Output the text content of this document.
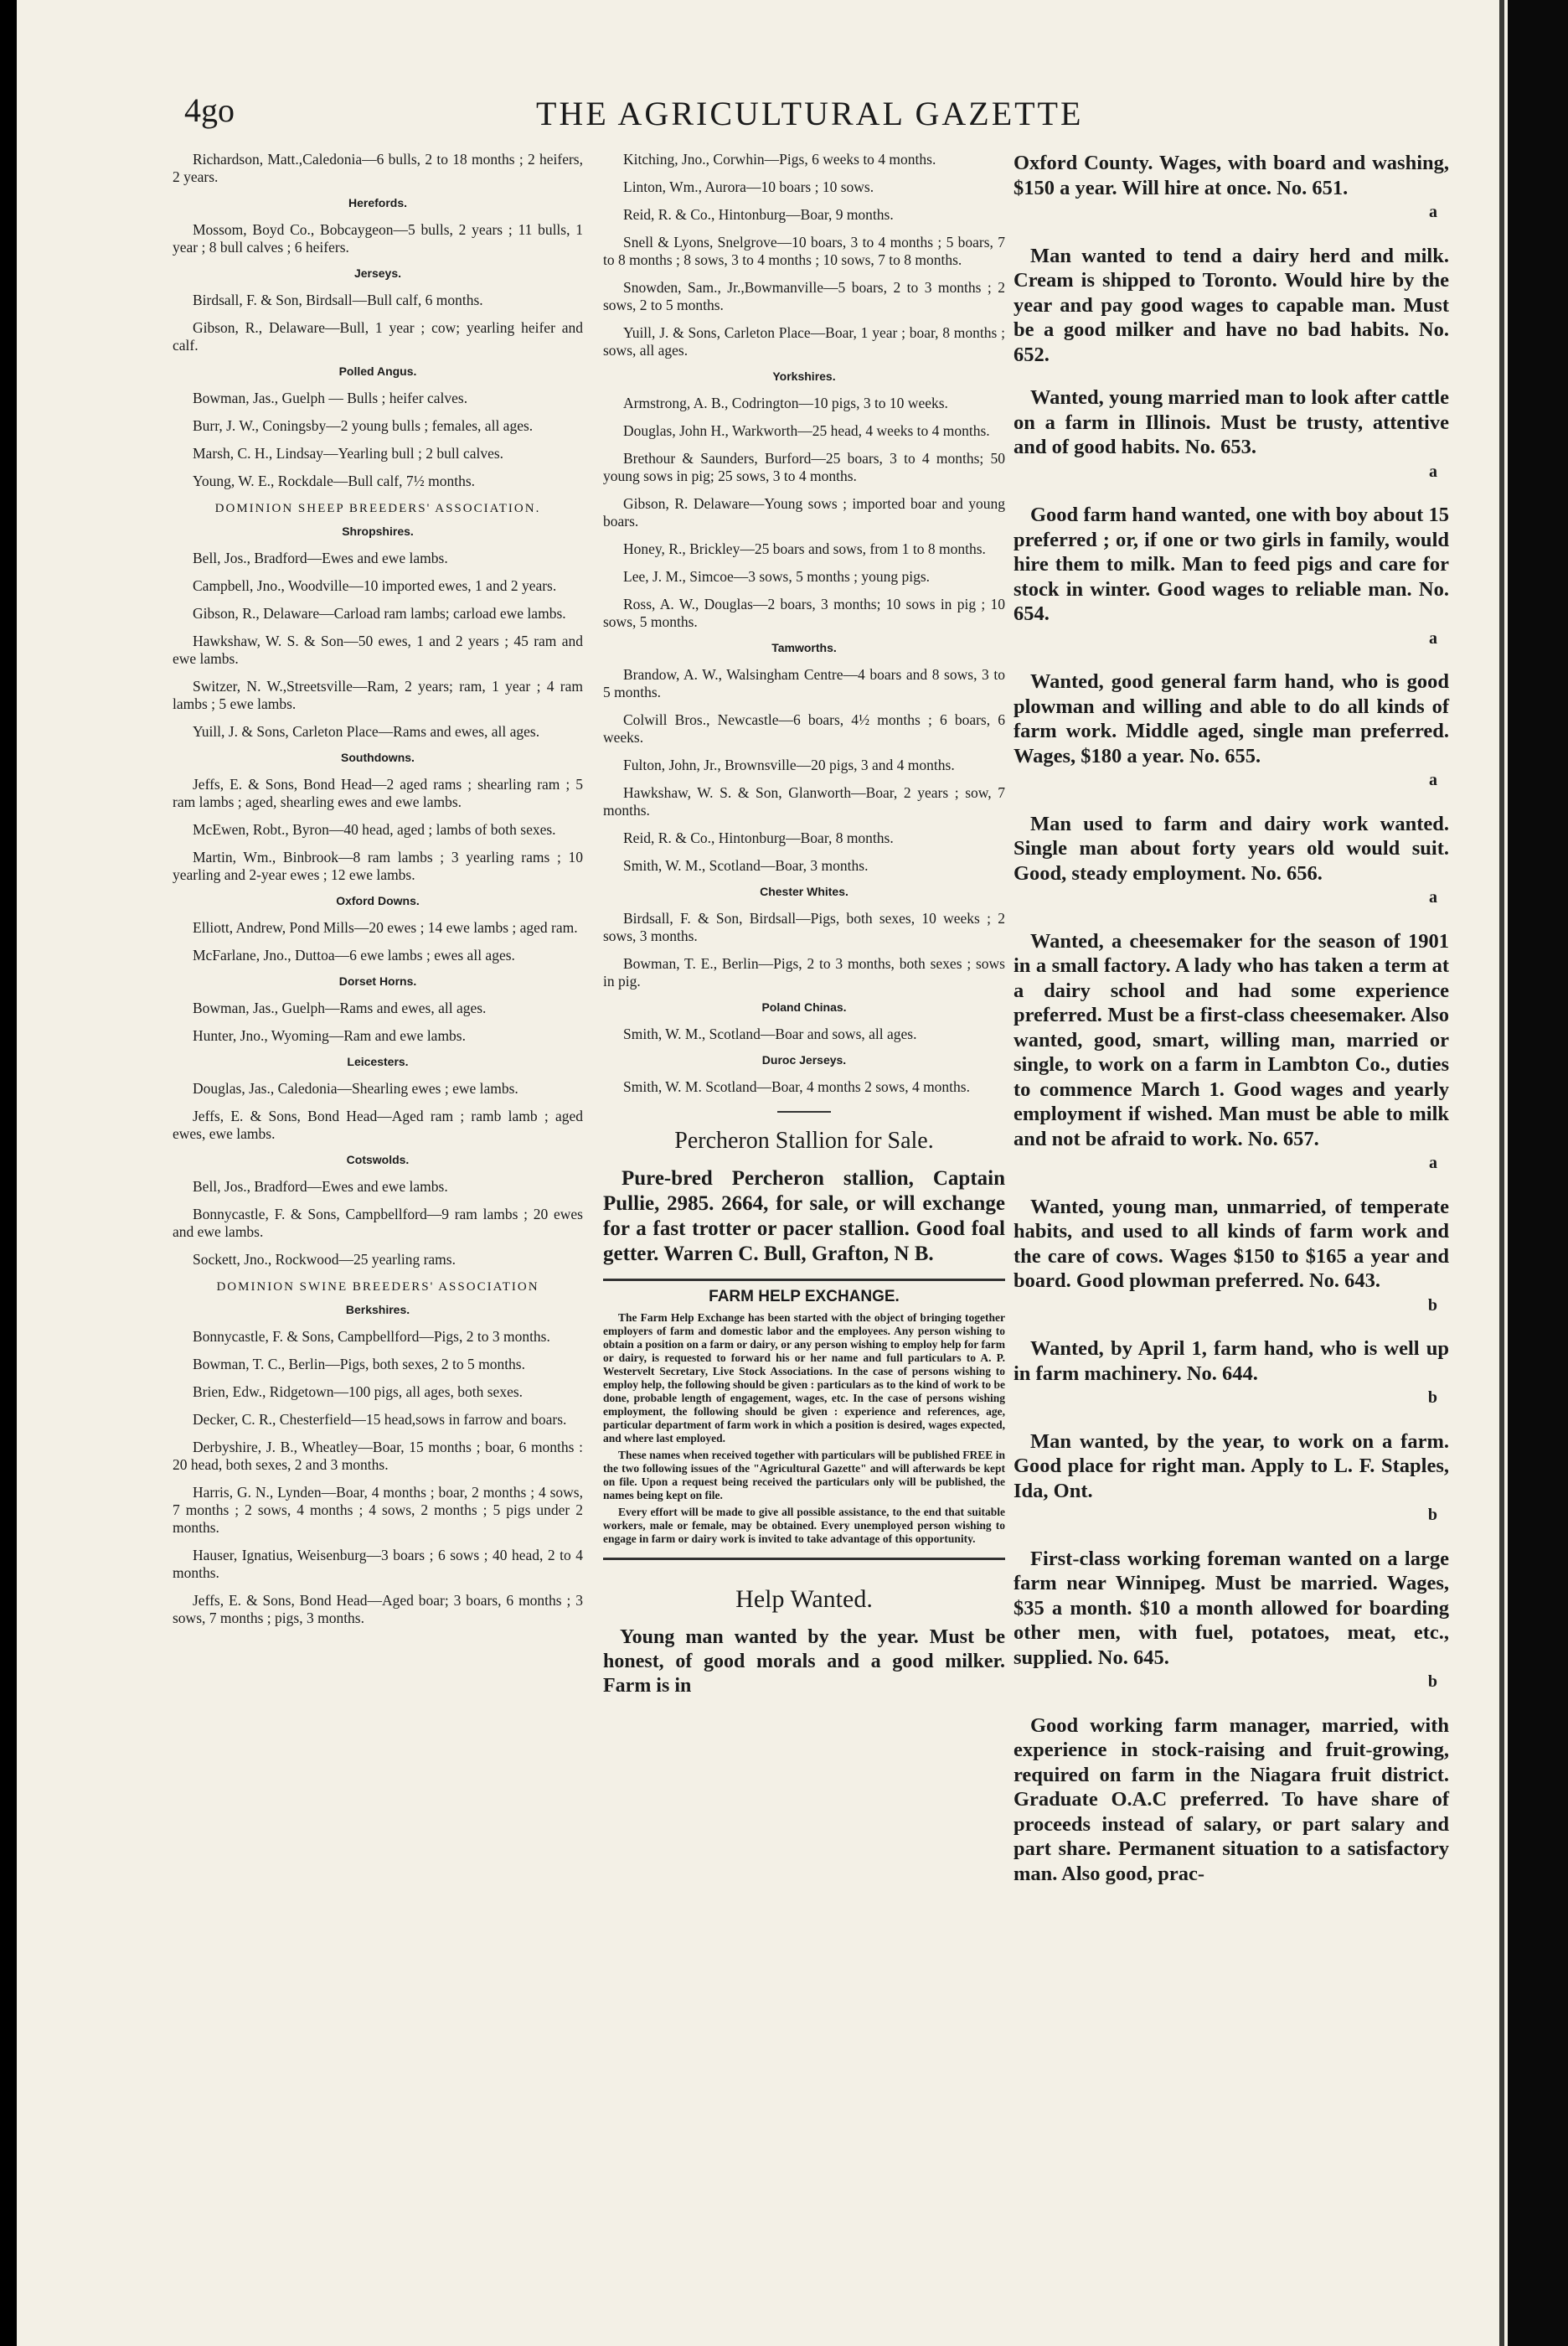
4go	THE AGRICULTURAL GAZETTE

Richardson, Matt.,Caledonia—6 bulls, 2 to 18 months ; 2 heifers, 2 years.

Herefords.

Mossom, Boyd Co., Bobcaygeon—5 bulls, 2 years ; 11 bulls, 1 year ; 8 bull calves ; 6 heifers.

Jerseys.

Birdsall, F. & Son, Birdsall—Bull calf, 6 months.

Gibson, R., Delaware—Bull, 1 year ; cow; yearling heifer and calf.

Polled Angus.

Bowman, Jas., Guelph — Bulls ; heifer calves.

Burr, J. W., Coningsby—2 young bulls ; females, all ages.

Marsh, C. H., Lindsay—Yearling bull ; 2 bull calves.

Young, W. E., Rockdale—Bull calf, 7½ months.

DOMINION SHEEP BREEDERS' ASSOCIATION.
Shropshires.

Bell, Jos., Bradford—Ewes and ewe lambs.

Campbell, Jno., Woodville—10 imported ewes, 1 and 2 years.

Gibson, R., Delaware—Carload ram lambs; carload ewe lambs.

Hawkshaw, W. S. & Son—50 ewes, 1 and 2 years ; 45 ram and ewe lambs.

Switzer, N. W.,Streetsville—Ram, 2 years; ram, 1 year ; 4 ram lambs ; 5 ewe lambs.

Yuill, J. & Sons, Carleton Place—Rams and ewes, all ages.

Southdowns.

Jeffs, E. & Sons, Bond Head—2 aged rams ; shearling ram ; 5 ram lambs ; aged, shearling ewes and ewe lambs.

McEwen, Robt., Byron—40 head, aged ; lambs of both sexes.

Martin, Wm., Binbrook—8 ram lambs ; 3 yearling rams ; 10 yearling and 2-year ewes ; 12 ewe lambs.

Oxford Downs.

Elliott, Andrew, Pond Mills—20 ewes ; 14 ewe lambs ; aged ram.

McFarlane, Jno., Duttoa—6 ewe lambs ; ewes all ages.

Dorset Horns.

Bowman, Jas., Guelph—Rams and ewes, all ages.

Hunter, Jno., Wyoming—Ram and ewe lambs.

Leicesters.

Douglas, Jas., Caledonia—Shearling ewes ; ewe lambs.

Jeffs, E. & Sons, Bond Head—Aged ram ; ramb lamb ; aged ewes, ewe lambs.

Cotswolds.

Bell, Jos., Bradford—Ewes and ewe lambs.

Bonnycastle, F. & Sons, Campbellford—9 ram lambs ; 20 ewes and ewe lambs.

Sockett, Jno., Rockwood—25 yearling rams.

DOMINION SWINE BREEDERS' ASSOCIATION
Berkshires.

Bonnycastle, F. & Sons, Campbellford—Pigs, 2 to 3 months.

Bowman, T. C., Berlin—Pigs, both sexes, 2 to 5 months.

Brien, Edw., Ridgetown—100 pigs, all ages, both sexes.

Decker, C. R., Chesterfield—15 head,sows in farrow and boars.

Derbyshire, J. B., Wheatley—Boar, 15 months ; boar, 6 months : 20 head, both sexes, 2 and 3 months.

Harris, G. N., Lynden—Boar, 4 months ; boar, 2 months ; 4 sows, 7 months ; 2 sows, 4 months ; 4 sows, 2 months ; 5 pigs under 2 months.

Hauser, Ignatius, Weisenburg—3 boars ; 6 sows ; 40 head, 2 to 4 months.

Jeffs, E. & Sons, Bond Head—Aged boar; 3 boars, 6 months ; 3 sows, 7 months ; pigs, 3 months.

Kitching, Jno., Corwhin—Pigs, 6 weeks to 4 months.

Linton, Wm., Aurora—10 boars ; 10 sows.

Reid, R. & Co., Hintonburg—Boar, 9 months.

Snell & Lyons, Snelgrove—10 boars, 3 to 4 months ; 5 boars, 7 to 8 months ; 8 sows, 3 to 4 months ; 10 sows, 7 to 8 months.

Snowden, Sam., Jr.,Bowmanville—5 boars, 2 to 3 months ; 2 sows, 2 to 5 months.

Yuill, J. & Sons, Carleton Place—Boar, 1 year ; boar, 8 months ; sows, all ages.

Yorkshires.

Armstrong, A. B., Codrington—10 pigs, 3 to 10 weeks.

Douglas, John H., Warkworth—25 head, 4 weeks to 4 months.

Brethour & Saunders, Burford—25 boars, 3 to 4 months; 50 young sows in pig; 25 sows, 3 to 4 months.

Gibson, R. Delaware—Young sows ; imported boar and young boars.

Honey, R., Brickley—25 boars and sows, from 1 to 8 months.

Lee, J. M., Simcoe—3 sows, 5 months ; young pigs.

Ross, A. W., Douglas—2 boars, 3 months; 10 sows in pig ; 10 sows, 5 months.

Tamworths.

Brandow, A. W., Walsingham Centre—4 boars and 8 sows, 3 to 5 months.

Colwill Bros., Newcastle—6 boars, 4½ months ; 6 boars, 6 weeks.

Fulton, John, Jr., Brownsville—20 pigs, 3 and 4 months.

Hawkshaw, W. S. & Son, Glanworth—Boar, 2 years ; sow, 7 months.

Reid, R. & Co., Hintonburg—Boar, 8 months.

Smith, W. M., Scotland—Boar, 3 months.

Chester Whites.

Birdsall, F. & Son, Birdsall—Pigs, both sexes, 10 weeks ; 2 sows, 3 months.

Bowman, T. E., Berlin—Pigs, 2 to 3 months, both sexes ; sows in pig.

Poland Chinas.

Smith, W. M., Scotland—Boar and sows, all ages.

Duroc Jerseys.

Smith, W. M. Scotland—Boar, 4 months 2 sows, 4 months.

Percheron Stallion for Sale.

Pure-bred Percheron stallion, Captain Pullie, 2985. 2664, for sale, or will exchange for a fast trotter or pacer stallion. Good foal getter. Warren C. Bull, Grafton, N B.

FARM HELP EXCHANGE.

The Farm Help Exchange has been started with the object of bringing together employers of farm and domestic labor and the employees. Any person wishing to obtain a position on a farm or dairy, or any person wishing to employ help for farm or dairy, is requested to forward his or her name and full particulars to A. P. Westervelt Secretary, Live Stock Associations. In the case of persons wishing to employ help, the following should be given : particulars as to the kind of work to be done, probable length of engagement, wages, etc. In the case of persons wishing employment, the following should be given : experience and references, age, particular department of farm work in which a position is desired, wages expected, and where last employed.

These names when received together with particulars will be published FREE in the two following issues of the "Agricultural Gazette" and will afterwards be kept on file. Upon a request being received the particulars only will be published, the names being kept on file.

Every effort will be made to give all possible assistance, to the end that suitable workers, male or female, may be obtained. Every unemployed person wishing to engage in farm or dairy work is invited to take advantage of this opportunity.

Help Wanted.

Young man wanted by the year. Must be honest, of good morals and a good milker. Farm is in

Oxford County. Wages, with board and washing, $150 a year. Will hire at once. No. 651.
a

Man wanted to tend a dairy herd and milk. Cream is shipped to Toronto. Would hire by the year and pay good wages to capable man. Must be a good milker and have no bad habits. No. 652.

Wanted, young married man to look after cattle on a farm in Illinois. Must be trusty, attentive and of good habits. No. 653.
a

Good farm hand wanted, one with boy about 15 preferred ; or, if one or two girls in family, would hire them to milk. Man to feed pigs and care for stock in winter. Good wages to reliable man. No. 654.
a

Wanted, good general farm hand, who is good plowman and willing and able to do all kinds of farm work. Middle aged, single man preferred. Wages, $180 a year. No. 655.
a

Man used to farm and dairy work wanted. Single man about forty years old would suit. Good, steady employment. No. 656.
a

Wanted, a cheesemaker for the season of 1901 in a small factory. A lady who has taken a term at a dairy school and had some experience preferred. Must be a first-class cheesemaker. Also wanted, good, smart, willing man, married or single, to work on a farm in Lambton Co., duties to commence March 1. Good wages and yearly employment if wished. Man must be able to milk and not be afraid to work. No. 657.
a

Wanted, young man, unmarried, of temperate habits, and used to all kinds of farm work and the care of cows. Wages $150 to $165 a year and board. Good plowman preferred. No. 643.
b

Wanted, by April 1, farm hand, who is well up in farm machinery. No. 644.
b

Man wanted, by the year, to work on a farm. Good place for right man. Apply to L. F. Staples, Ida, Ont.
b

First-class working foreman wanted on a large farm near Winnipeg. Must be married. Wages, $35 a month. $10 a month allowed for boarding other men, with fuel, potatoes, meat, etc., supplied. No. 645.
b

Good working farm manager, married, with experience in stock-raising and fruit-growing, required on farm in the Niagara fruit district. Graduate O.A.C preferred. To have share of proceeds instead of salary, or part salary and part share. Permanent situation to a satisfactory man. Also good, prac-
